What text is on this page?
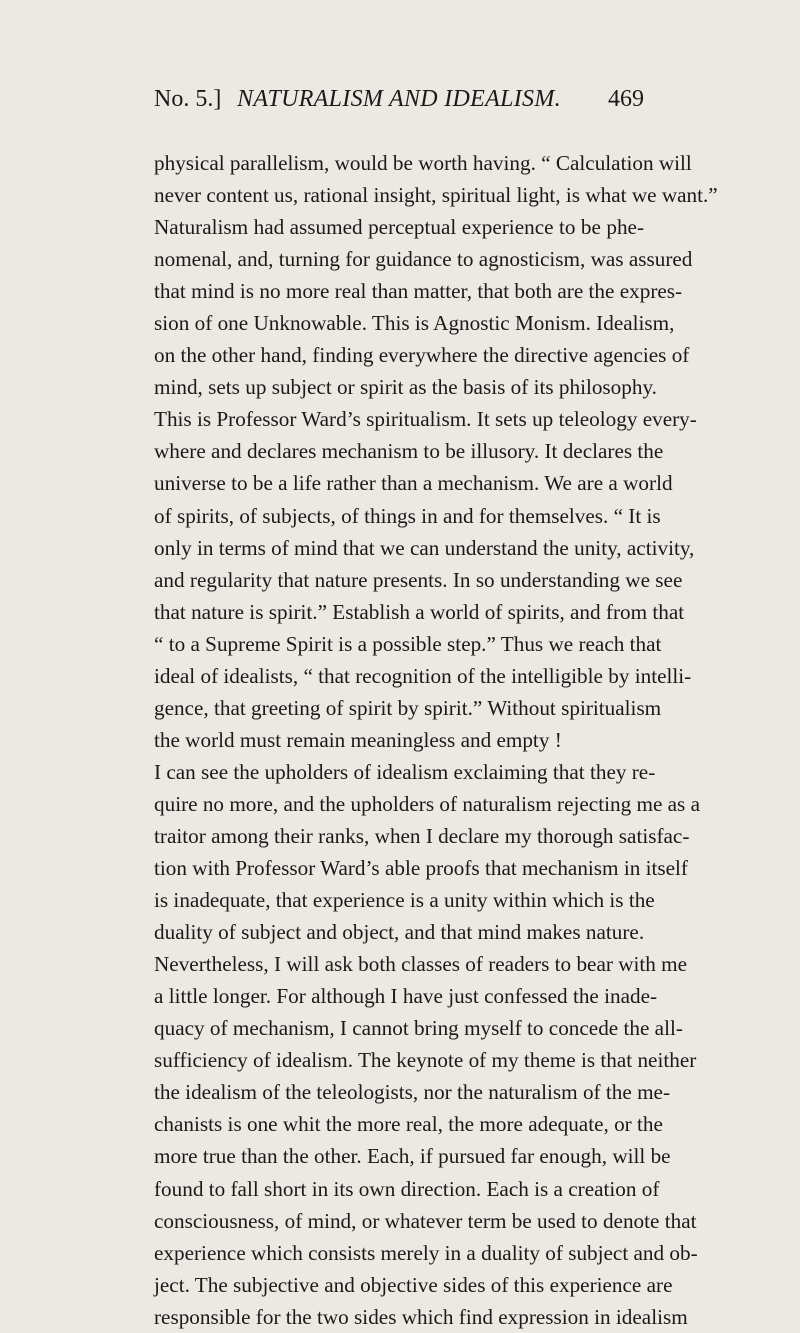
No. 5.] NATURALISM AND IDEALISM.	469
physical parallelism, would be worth having. “ Calculation will
never content us, rational insight, spiritual light, is what we want.”
Naturalism had assumed perceptual experience to be phe-
nomenal, and, turning for guidance to agnosticism, was assured
that mind is no more real than matter, that both are the expres-
sion of one Unknowable. This is Agnostic Monism. Idealism,
on the other hand, finding everywhere the directive agencies of
mind, sets up subject or spirit as the basis of its philosophy.
This is Professor Ward’s spiritualism. It sets up teleology every-
where and declares mechanism to be illusory. It declares the
universe to be a life rather than a mechanism. We are a world
of spirits, of subjects, of things in and for themselves. “ It is
only in terms of mind that we can understand the unity, activity,
and regularity that nature presents. In so understanding we see
that nature is spirit.” Establish a world of spirits, and from that
“ to a Supreme Spirit is a possible step.” Thus we reach that
ideal of idealists, “ that recognition of the intelligible by intelli-
gence, that greeting of spirit by spirit.” Without spiritualism
the world must remain meaningless and empty !
I can see the upholders of idealism exclaiming that they re-
quire no more, and the upholders of naturalism rejecting me as a
traitor among their ranks, when I declare my thorough satisfac-
tion with Professor Ward’s able proofs that mechanism in itself
is inadequate, that experience is a unity within which is the
duality of subject and object, and that mind makes nature.
Nevertheless, I will ask both classes of readers to bear with me
a little longer. For although I have just confessed the inade-
quacy of mechanism, I cannot bring myself to concede the all-
sufficiency of idealism. The keynote of my theme is that neither
the idealism of the teleologists, nor the naturalism of the me-
chanists is one whit the more real, the more adequate, or the
more true than the other. Each, if pursued far enough, will be
found to fall short in its own direction. Each is a creation of
consciousness, of mind, or whatever term be used to denote that
experience which consists merely in a duality of subject and ob-
ject. The subjective and objective sides of this experience are
responsible for the two sides which find expression in idealism
